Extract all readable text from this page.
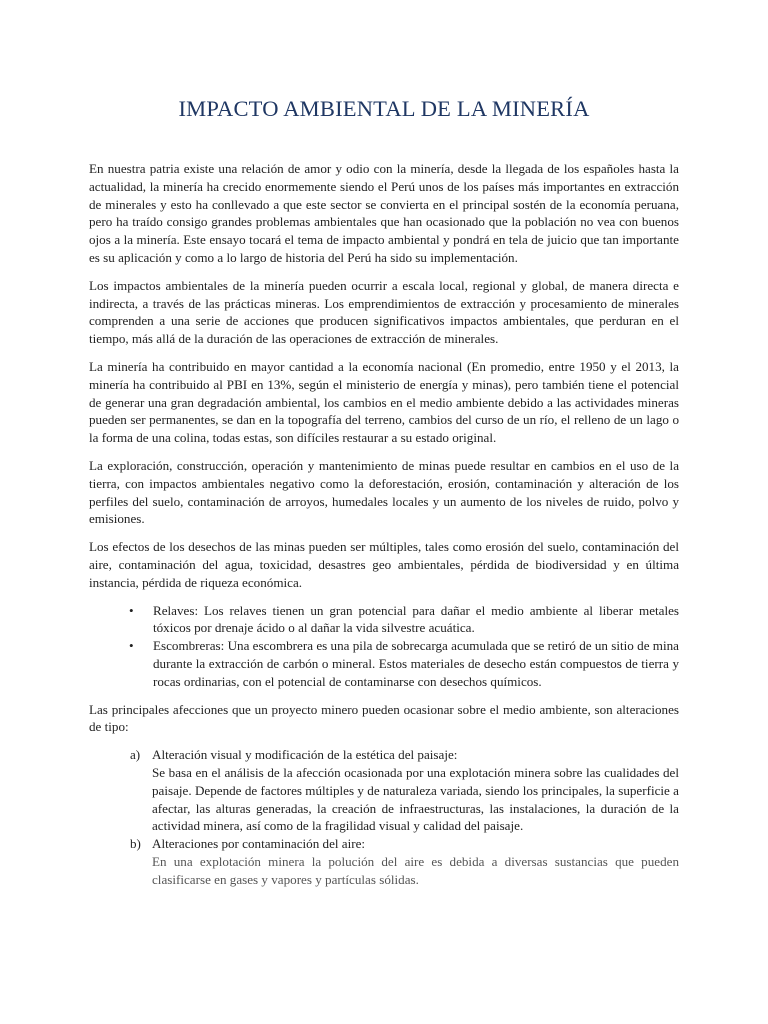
IMPACTO AMBIENTAL DE LA MINERÍA

En nuestra patria existe una relación de amor y odio con la minería, desde la llegada de los españoles hasta la actualidad, la minería ha crecido enormemente siendo el Perú unos de los países más importantes en extracción de minerales y esto ha conllevado a que este sector se convierta en el principal sostén de la economía peruana, pero ha traído consigo grandes problemas ambientales que han ocasionado que la población no vea con buenos ojos a la minería. Este ensayo tocará el tema de impacto ambiental y pondrá en tela de juicio que tan importante es su aplicación y como a lo largo de historia del Perú ha sido su implementación.

Los impactos ambientales de la minería pueden ocurrir a escala local, regional y global, de manera directa e indirecta, a través de las prácticas mineras. Los emprendimientos de extracción y procesamiento de minerales comprenden a una serie de acciones que producen significativos impactos ambientales, que perduran en el tiempo, más allá de la duración de las operaciones de extracción de minerales.

La minería ha contribuido en mayor cantidad a la economía nacional (En promedio, entre 1950 y el 2013, la minería ha contribuido al PBI en 13%, según el ministerio de energía y minas), pero también tiene el potencial de generar una gran degradación ambiental, los cambios en el medio ambiente debido a las actividades mineras pueden ser permanentes, se dan en la topografía del terreno, cambios del curso de un río, el relleno de un lago o la forma de una colina, todas estas, son difíciles restaurar a su estado original.

La exploración, construcción, operación y mantenimiento de minas puede resultar en cambios en el uso de la tierra, con impactos ambientales negativo como la deforestación, erosión, contaminación y alteración de los perfiles del suelo, contaminación de arroyos, humedales locales y un aumento de los niveles de ruido, polvo y emisiones.

Los efectos de los desechos de las minas pueden ser múltiples, tales como erosión del suelo, contaminación del aire, contaminación del agua, toxicidad, desastres geo ambientales, pérdida de biodiversidad y en última instancia, pérdida de riqueza económica.

• Relaves: Los relaves tienen un gran potencial para dañar el medio ambiente al liberar metales tóxicos por drenaje ácido o al dañar la vida silvestre acuática.
• Escombreras: Una escombrera es una pila de sobrecarga acumulada que se retiró de un sitio de mina durante la extracción de carbón o mineral. Estos materiales de desecho están compuestos de tierra y rocas ordinarias, con el potencial de contaminarse con desechos químicos.

Las principales afecciones que un proyecto minero pueden ocasionar sobre el medio ambiente, son alteraciones de tipo:

a) Alteración visual y modificación de la estética del paisaje:
Se basa en el análisis de la afección ocasionada por una explotación minera sobre las cualidades del paisaje. Depende de factores múltiples y de naturaleza variada, siendo los principales, la superficie a afectar, las alturas generadas, la creación de infraestructuras, las instalaciones, la duración de la actividad minera, así como de la fragilidad visual y calidad del paisaje.
b) Alteraciones por contaminación del aire:
En una explotación minera la polución del aire es debida a diversas sustancias que pueden clasificarse en gases y vapores y partículas sólidas.
